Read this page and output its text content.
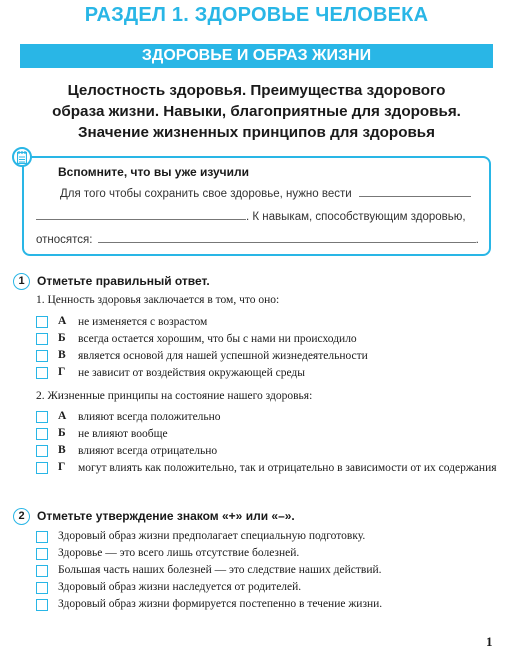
РАЗДЕЛ 1. ЗДОРОВЬЕ ЧЕЛОВЕКА
ЗДОРОВЬЕ И ОБРАЗ ЖИЗНИ
Целостность здоровья. Преимущества здорового
образа жизни. Навыки, благоприятные для здоровья.
Значение жизненных принципов для здоровья
Вспомните, что вы уже изучили
Для того чтобы сохранить свое здоровье, нужно вести
. К навыкам, способствующим здоровью,
относятся:	.
1	Отметьте правильный ответ.
1. Ценность здоровья заключается в том, что оно:
А не изменяется с возрастом
Б всегда остается хорошим, что бы с нами ни происходило
В является основой для нашей успешной жизнедеятельности
Г не зависит от воздействия окружающей среды
2. Жизненные принципы на состояние нашего здоровья:
А влияют всегда положительно
Б не влияют вообще
В влияют всегда отрицательно
Г могут влиять как положительно, так и отрицательно в зависимости от их содержания
2	Отметьте утверждение знаком «+» или «–».
Здоровый образ жизни предполагает специальную подготовку.
Здоровье — это всего лишь отсутствие болезней.
Большая часть наших болезней — это следствие наших действий.
Здоровый образ жизни наследуется от родителей.
Здоровый образ жизни формируется постепенно в течение жизни.
1
